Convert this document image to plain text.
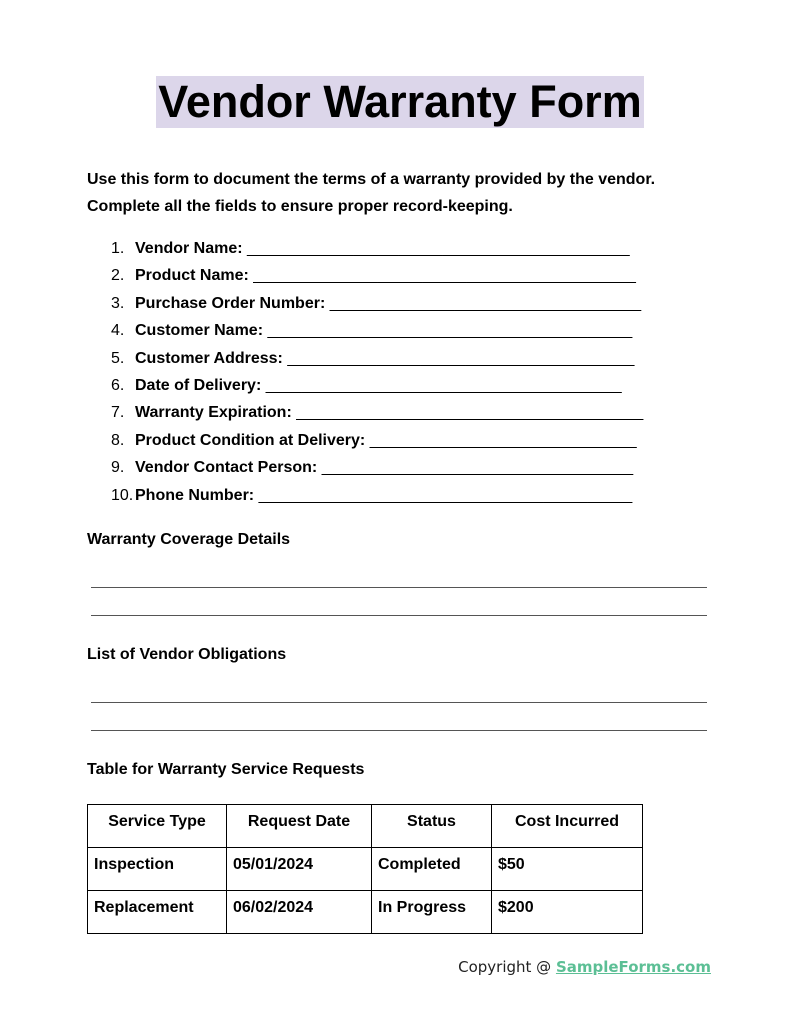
Vendor Warranty Form
Use this form to document the terms of a warranty provided by the vendor.
Complete all the fields to ensure proper record-keeping.
1. Vendor Name: ___________________________________________
2. Product Name: ___________________________________________
3. Purchase Order Number: ___________________________________
4. Customer Name: _________________________________________
5. Customer Address: _______________________________________
6. Date of Delivery: ________________________________________
7. Warranty Expiration: _______________________________________
8. Product Condition at Delivery: ______________________________
9. Vendor Contact Person: ___________________________________
10. Phone Number: __________________________________________
Warranty Coverage Details
List of Vendor Obligations
Table for Warranty Service Requests
Service Type	Request Date	Status	Cost Incurred
Inspection	05/01/2024	Completed	$50
Replacement	06/02/2024	In Progress	$200
Copyright @ SampleForms.com
